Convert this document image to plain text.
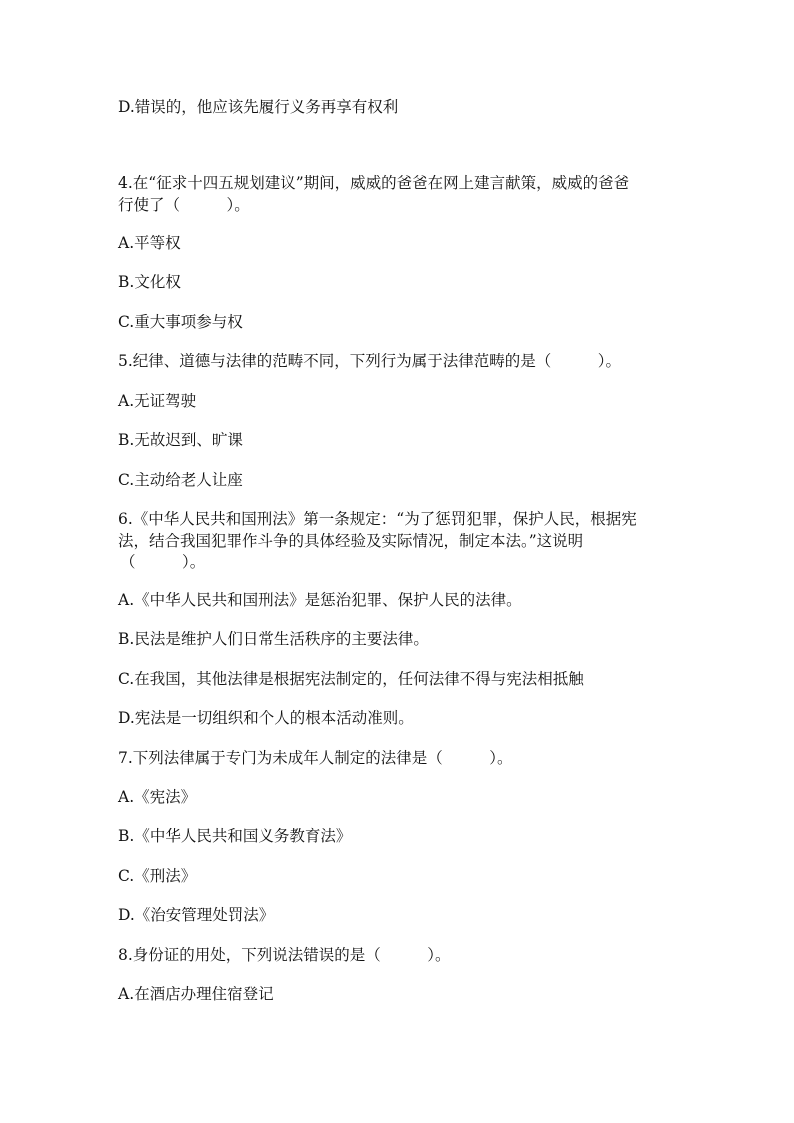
D.错误的，他应该先履行义务再享有权利

4.在“征求十四五规划建议”期间，威威的爸爸在网上建言献策，威威的爸爸

行使了（　　　）。

A.平等权

B.文化权

C.重大事项参与权

5.纪律、道德与法律的范畴不同，下列行为属于法律范畴的是（　　　）。

A.无证驾驶

B.无故迟到、旷课

C.主动给老人让座

6.《中华人民共和国刑法》第一条规定：“为了惩罚犯罪，保护人民，根据宪

法，结合我国犯罪作斗争的具体经验及实际情况，制定本法。”这说明

（　　　）。

A.《中华人民共和国刑法》是惩治犯罪、保护人民的法律。

B.民法是维护人们日常生活秩序的主要法律。

C.在我国，其他法律是根据宪法制定的，任何法律不得与宪法相抵触

D.宪法是一切组织和个人的根本活动准则。

7.下列法律属于专门为未成年人制定的法律是（　　　）。

A.《宪法》

B.《中华人民共和国义务教育法》

C.《刑法》

D.《治安管理处罚法》

8.身份证的用处，下列说法错误的是（　　　）。

A.在酒店办理住宿登记
